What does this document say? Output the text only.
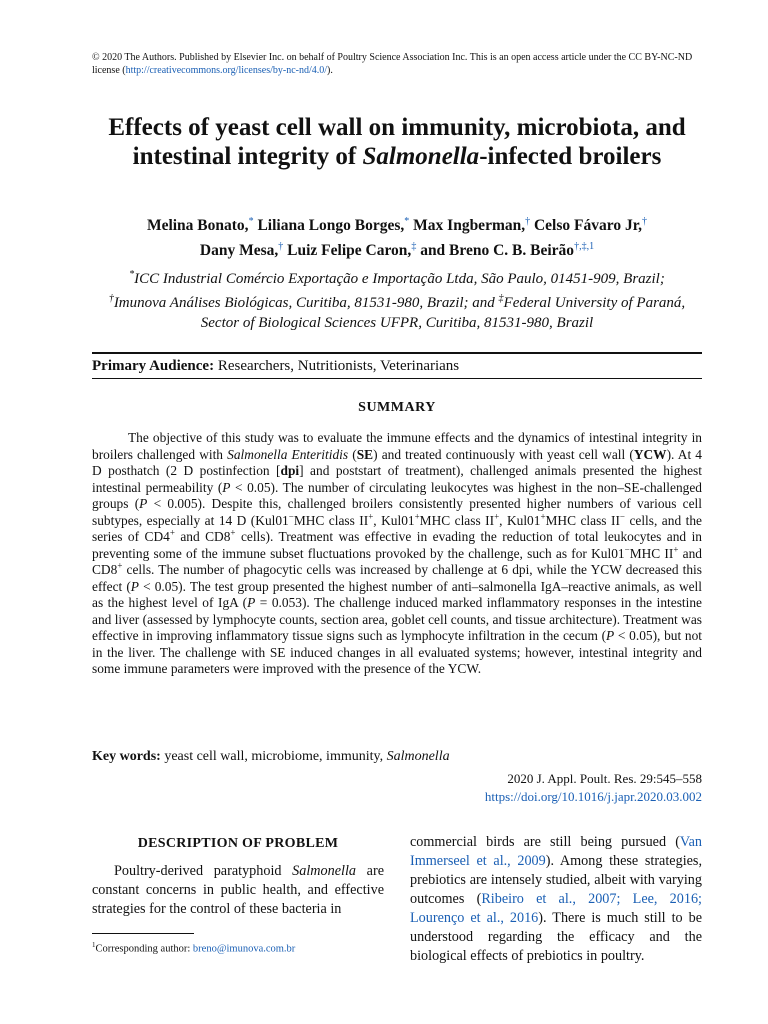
© 2020 The Authors. Published by Elsevier Inc. on behalf of Poultry Science Association Inc. This is an open access article under the CC BY-NC-ND license (http://creativecommons.org/licenses/by-nc-nd/4.0/).
Effects of yeast cell wall on immunity, microbiota, and intestinal integrity of Salmonella-infected broilers
Melina Bonato,* Liliana Longo Borges,* Max Ingberman,† Celso Fávaro Jr,†
Dany Mesa,† Luiz Felipe Caron,‡ and Breno C. B. Beirão$^{\dagger,\ddagger,1}$
*ICC Industrial Comércio Exportação e Importação Ltda, São Paulo, 01451-909, Brazil;
†Imunova Análises Biológicas, Curitiba, 81531-980, Brazil; and ‡Federal University of Paraná, Sector of Biological Sciences UFPR, Curitiba, 81531-980, Brazil
Primary Audience: Researchers, Nutritionists, Veterinarians
SUMMARY

The objective of this study was to evaluate the immune effects and the dynamics of intestinal integrity in broilers challenged with Salmonella Enteritidis (SE) and treated continuously with yeast cell wall (YCW). At 4 D posthatch (2 D postinfection [dpi] and poststart of treatment), challenged animals presented the highest intestinal permeability (P < 0.05). The number of circulating leukocytes was highest in the non–SE-challenged groups (P < 0.005). Despite this, challenged broilers consistently presented higher numbers of various cell subtypes, especially at 14 D (Kul01−MHC class II+, Kul01+MHC class II+, Kul01+MHC class II− cells, and the series of CD4+ and CD8+ cells). Treatment was effective in evading the reduction of total leukocytes and in preventing some of the immune subset fluctuations provoked by the challenge, such as for Kul01−MHC II+ and CD8+ cells. The number of phagocytic cells was increased by challenge at 6 dpi, while the YCW decreased this effect (P < 0.05). The test group presented the highest number of anti–salmonella IgA–reactive animals, as well as the highest level of IgA (P = 0.053). The challenge induced marked inflammatory responses in the intestine and liver (assessed by lymphocyte counts, section area, goblet cell counts, and tissue architecture). Treatment was effective in improving inflammatory tissue signs such as lymphocyte infiltration in the cecum (P < 0.05), but not in the liver. The challenge with SE induced changes in all evaluated systems; however, intestinal integrity and some immune parameters were improved with the presence of the YCW.

Key words: yeast cell wall, microbiome, immunity, Salmonella
2020 J. Appl. Poult. Res. 29:545–558
https://doi.org/10.1016/j.japr.2020.03.002
DESCRIPTION OF PROBLEM

Poultry-derived paratyphoid Salmonella are constant concerns in public health, and effective strategies for the control of these bacteria in

commercial birds are still being pursued (Van Immerseel et al., 2009). Among these strategies, prebiotics are intensely studied, albeit with varying outcomes (Ribeiro et al., 2007; Lee, 2016; Lourenço et al., 2016). There is much still to be understood regarding the efficacy and the biological effects of prebiotics in poultry.

$^1$Corresponding author: breno@imunova.com.br
